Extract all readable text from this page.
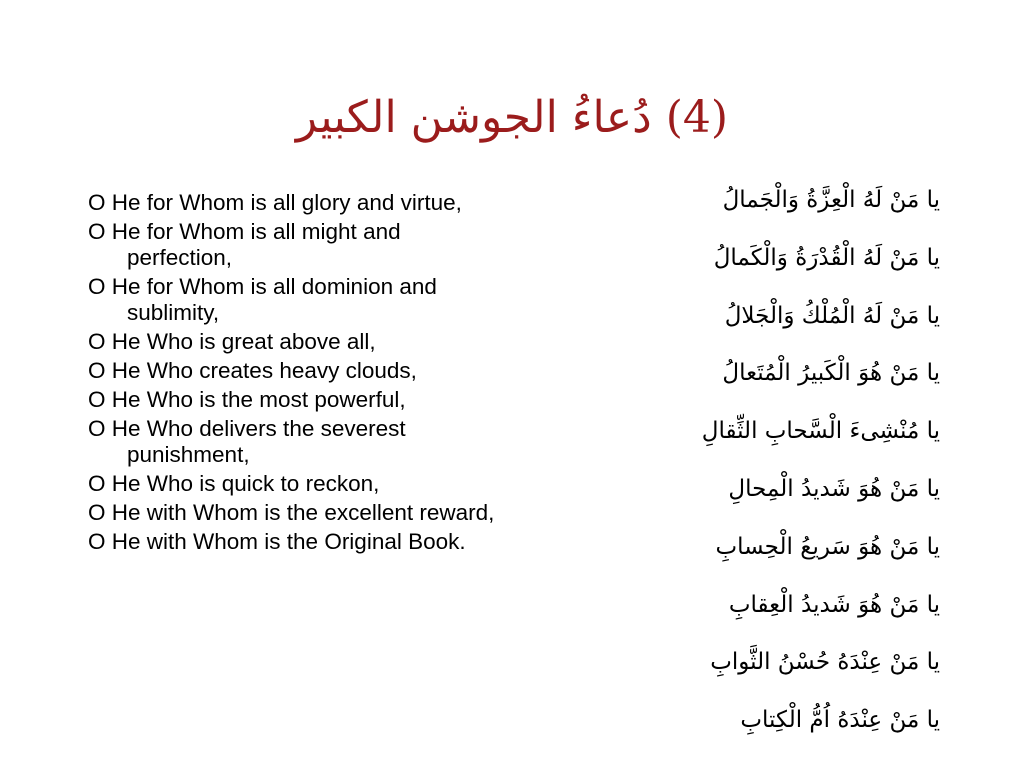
(4) دُعاءُ الجوشن الكبير
O He for Whom is all glory and virtue,
O He for Whom is all might and perfection,
O He for Whom is all dominion and sublimity,
O He Who is great above all,
O He Who creates heavy clouds,
O He Who is the most powerful,
O He Who delivers the severest punishment,
O He Who is quick to reckon,
O He with Whom is the excellent reward,
O He with Whom is the Original Book.
يا مَنْ لَهُ الْعِزَّةُ وَالْجَمالُ
يا مَنْ لَهُ الْقُدْرَةُ وَالْكَمالُ
يا مَنْ لَهُ الْمُلْكُ وَالْجَلالُ
يا مَنْ هُوَ الْكَبيرُ الْمُتَعالُ
يا مُنْشِىءَ الْسَّحابِ الثِّقالِ
يا مَنْ هُوَ شَديدُ الْمِحالِ
يا مَنْ هُوَ سَريعُ الْحِسابِ
يا مَنْ هُوَ شَديدُ الْعِقابِ
يا مَنْ عِنْدَهُ حُسْنُ الثَّوابِ
يا مَنْ عِنْدَهُ اُمُّ الْكِتابِ
